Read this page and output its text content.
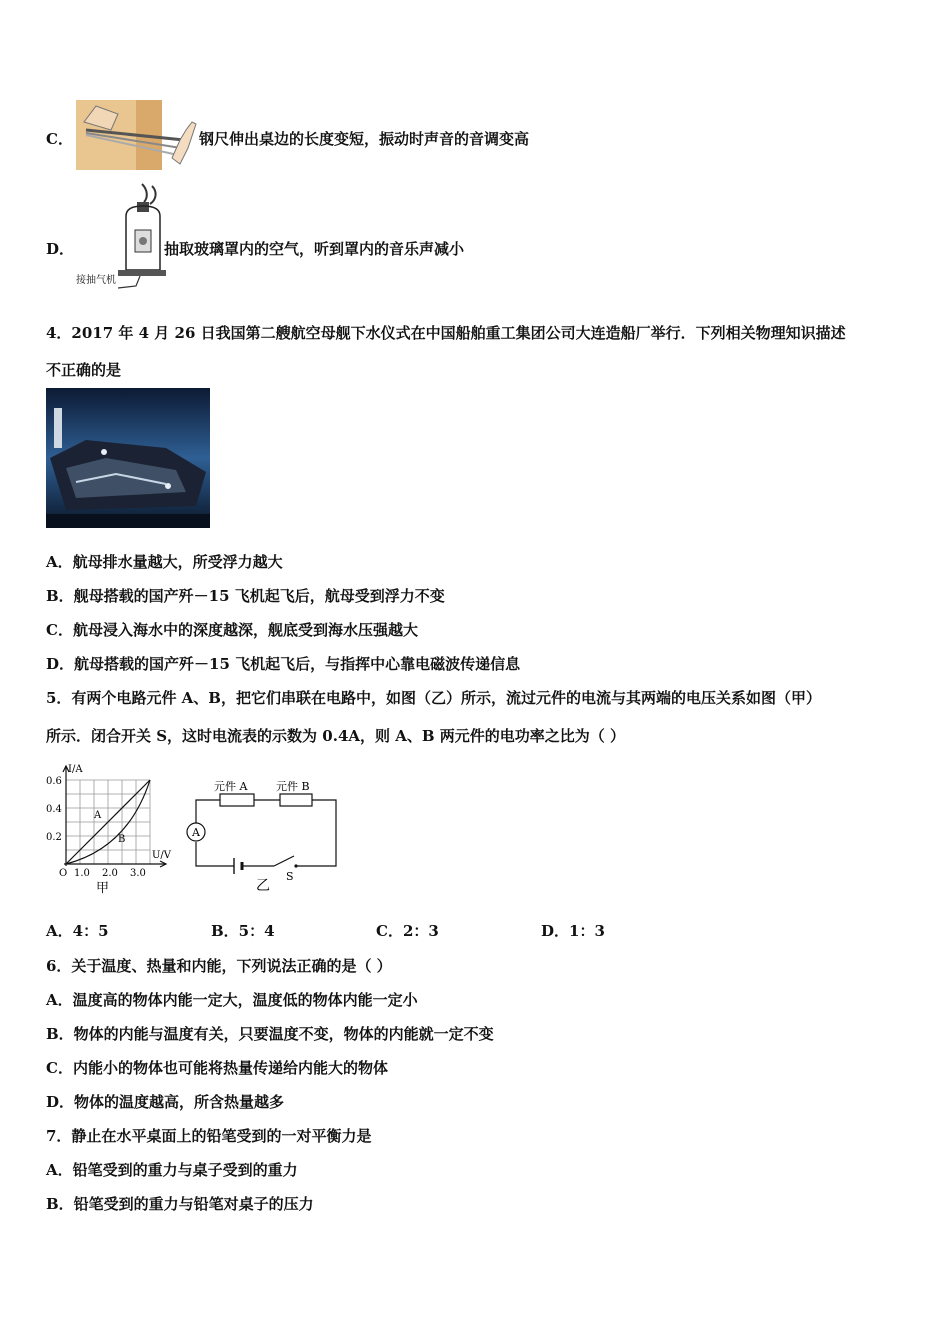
C．	钢尺伸出桌边的长度变短，振动时声音的音调变高
D．
接抽气机
抽取玻璃罩内的空气，听到罩内的音乐声减小
4．2017 年 4 月 26 日我国第二艘航空母舰下水仪式在中国船舶重工集团公司大连造船厂举行．下列相关物理知识描述
不正确的是
A．航母排水量越大，所受浮力越大
B．舰母搭载的国产歼－15 飞机起飞后，航母受到浮力不变
C．航母浸入海水中的深度越深，舰底受到海水压强越大
D．航母搭载的国产歼－15 飞机起飞后，与指挥中心靠电磁波传递信息
5．有两个电路元件 A、B，把它们串联在电路中，如图（乙）所示，流过元件的电流与其两端的电压关系如图（甲）
所示．闭合开关 S，这时电流表的示数为 0.4A，则 A、B 两元件的电功率之比为（ ）
I/A
U/V
O
0.6
0.4
0.2
1.0 2.0 3.0
A
B
甲
A
元件 A	元件 B
S
乙
A．4：5	B．5：4	C．2：3	D．1：3
6．关于温度、热量和内能，下列说法正确的是（ ）
A．温度高的物体内能一定大，温度低的物体内能一定小
B．物体的内能与温度有关，只要温度不变，物体的内能就一定不变
C．内能小的物体也可能将热量传递给内能大的物体
D．物体的温度越高，所含热量越多
7．静止在水平桌面上的铅笔受到的一对平衡力是
A．铅笔受到的重力与桌子受到的重力
B．铅笔受到的重力与铅笔对桌子的压力
